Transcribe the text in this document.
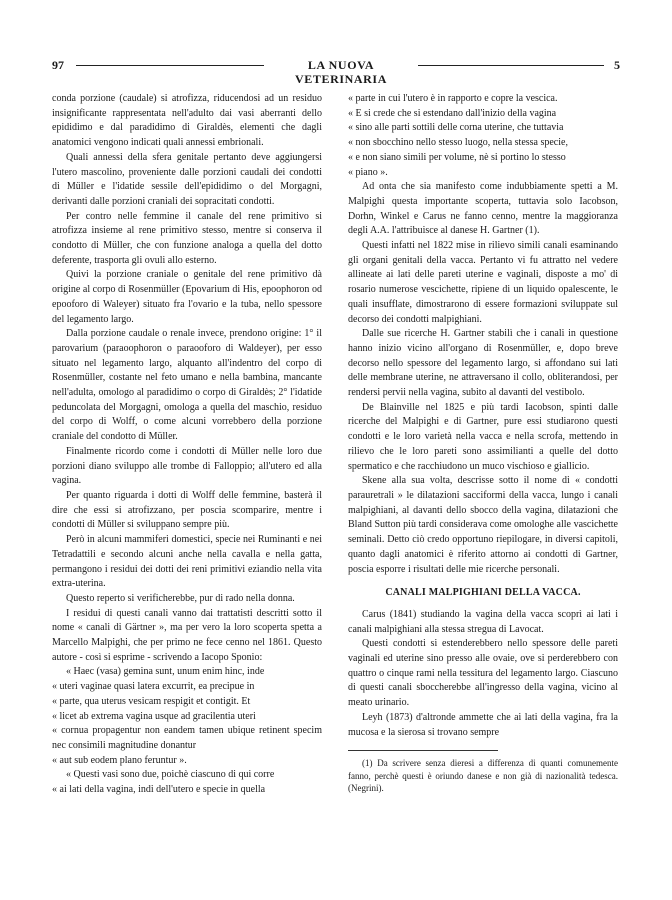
97	LA NUOVA VETERINARIA
5

conda porzione (caudale) si atrofizza, riducendosi ad un residuo insignificante rappresentata nell'adulto dai vasi aberranti dello epididimo e dal paradidimo di Giraldès, elementi che dagli anatomici vengono indicati quali annessi embrionali.

Quali annessi della sfera genitale pertanto deve aggiungersi l'utero mascolino, proveniente dalle porzioni caudali dei condotti di Müller e l'idatide sessile dell'epididimo o del Morgagni, derivanti dalle porzioni craniali dei sopracitati condotti.

Per contro nelle femmine il canale del rene primitivo si atrofizza insieme al rene primitivo stesso, mentre si conserva il condotto di Müller, che con funzione analoga a quella del dotto deferente, trasporta gli ovuli allo esterno.

Quivi la porzione craniale o genitale del rene primitivo dà origine al corpo di Rosenmüller (Epovarium di His, epoophoron od epooforo di Waleyer) situato fra l'ovario e la tuba, nello spessore del legamento largo.

Dalla porzione caudale o renale invece, prendono origine: 1° il parovarium (paraoophoron o paraooforo di Waldeyer), per esso situato nel legamento largo, alquanto all'indentro del corpo di Rosenmüller, costante nel feto umano e nella bambina, mancante nell'adulta, omologo al paradidimo o corpo di Giraldès; 2° l'idatide peduncolata del Morgagni, omologa a quella del maschio, residuo del corpo di Wolff, o come alcuni vorrebbero della porzione craniale del condotto di Müller.

Finalmente ricordo come i condotti di Müller nelle loro due porzioni diano sviluppo alle trombe di Falloppio; all'utero ed alla vagina.

Per quanto riguarda i dotti di Wolff delle femmine, basterà il dire che essi si atrofizzano, per poscia scomparire, mentre i condotti di Müller si sviluppano sempre più.

Però in alcuni mammiferi domestici, specie nei Ruminanti e nei Tetradattili e secondo alcuni anche nella cavalla e nella gatta, permangono i residui dei dotti dei reni primitivi eziandio nella vita extra-uterina.

Questo reperto si verificherebbe, pur di rado nella donna.

I residui di questi canali vanno dai trattatisti descritti sotto il nome « canali di Gärtner », ma per vero la loro scoperta spetta a Marcello Malpighi, che per primo ne fece cenno nel 1861. Questo autore - così si esprime - scrivendo a Iacopo Sponio:

« Haec (vasa) gemina sunt, unum enim hinc, inde

« uteri vaginae quasi latera excurrit, ea precipue in

« parte, qua uterus vesicam respigit et contigit. Et

« licet ab extrema vagina usque ad gracilentia uteri

« cornua propagentur non eandem tamen ubique retinent specim nec consimili magnitudine donantur

« aut sub eodem plano feruntur ».

« Questi vasi sono due, poichè ciascuno di qui corre

« ai lati della vagina, indi dell'utero e specie in quella

« parte in cui l'utero è in rapporto e copre la vescica.

« E si crede che si estendano dall'inizio della vagina

« sino alle parti sottili delle corna uterine, che tuttavia

« non sbocchino nello stesso luogo, nella stessa specie,

« e non siano simili per volume, nè si portino lo stesso

« piano ».

Ad onta che sia manifesto come indubbiamente spetti a M. Malpighi questa importante scoperta, tuttavia solo Iacobson, Dorhn, Winkel e Carus ne fanno cenno, mentre la maggioranza degli A.A. l'attribuisce al danese H. Gartner (1).

Questi infatti nel 1822 mise in rilievo simili canali esaminando gli organi genitali della vacca. Pertanto vi fu attratto nel vedere allineate ai lati delle pareti uterine e vaginali, disposte a mo' di rosario numerose vescichette, ripiene di un liquido opalescente, le quali insufflate, dimostrarono di essere formazioni sviluppate sul decorso dei condotti malpighiani.

Dalle sue ricerche H. Gartner stabilì che i canali in questione hanno inizio vicino all'organo di Rosenmüller, e, dopo breve decorso nello spessore del legamento largo, si affondano sui lati delle membrane uterine, ne attraversano il collo, obliterandosi, per rendersi pervii nella vagina, subito al davanti del vestibolo.

De Blainville nel 1825 e più tardi Iacobson, spinti dalle ricerche del Malpighi e di Gartner, pure essi studiarono questi condotti e le loro varietà nella vacca e nella scrofa, mettendo in rilievo che le loro pareti sono assimilianti a quelle del dotto spermatico e che racchiudono un muco vischioso e giallicio.

Skene alla sua volta, descrisse sotto il nome di « condotti parauretrali » le dilatazioni sacciformi della vacca, lungo i canali malpighiani, al davanti dello sbocco della vagina, dilatazioni che Bland Sutton più tardi considerava come omologhe alle vascichette seminali. Detto ciò credo opportuno riepilogare, in diversi capitoli, quanto dagli anatomici è riferito attorno ai condotti di Gartner, poscia esporre i risultati delle mie ricerche personali.

CANALI MALPIGHIANI DELLA VACCA.

Carus (1841) studiando la vagina della vacca scoprì ai lati i canali malpighiani alla stessa stregua di Lavocat.

Questi condotti si estenderebbero nello spessore delle pareti vaginali ed uterine sino presso alle ovaie, ove si perderebbero con quattro o cinque rami nella tessitura del legamento largo. Ciascuno di questi canali sboccherebbe all'ingresso della vagina, vicino al meato urinario.

Leyh (1873) d'altronde ammette che ai lati della vagina, fra la mucosa e la sierosa si trovano sempre

(1) Da scrivere senza dieresi a differenza di quanti comunemente fanno, perchè questi è oriundo danese e non già di nazionalità tedesca. (Negrini).
